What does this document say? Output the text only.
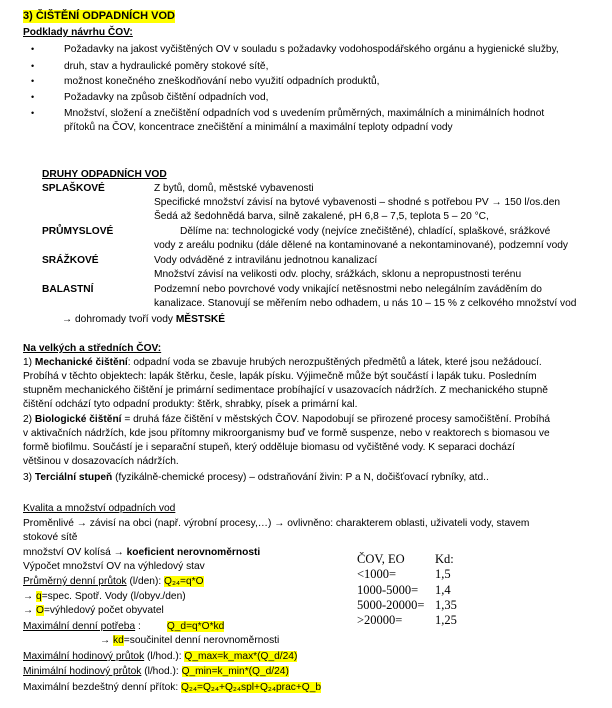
3) ČIŠTĚNÍ ODPADNÍCH VOD
Podklady návrhu ČOV:
•	Požadavky na jakost vyčištěných OV v souladu s požadavky vodohospodářského orgánu a hygienické služby,
•	druh, stav a hydraulické poměry stokové sítě,
•	možnost konečného zneškodňování nebo využití odpadních produktů,
•	Požadavky na způsob čištění odpadních vod,
•	Množství, složení a znečištění odpadních vod s uvedením průměrných, maximálních a minimálních hodnot
přítoků na ČOV, koncentrace znečištění a minimální a maximální teploty odpadní vody
DRUHY ODPADNÍCH VOD
SPLAŠKOVÉ	Z bytů, domů, městské vybavenosti
Specifické množství závisí na bytové vybavenosti – shodné s potřebou PV → 150 l/os.den
Šedá až šedohnědá barva, silně zakalené, pH 6,8 – 7,5, teplota 5 – 20 °C,
PRŮMYSLOVÉ	Dělíme na: technologické vody (nejvíce znečištěné), chladící, splaškové, srážkové
vody z areálu podniku (dále dělené na kontaminované a nekontaminované), podzemní vody
SRÁŽKOVÉ	Vody odváděné z intravilánu jednotnou kanalizací
Množství závisí na velikosti odv. plochy, srážkách, sklonu a nepropustnosti terénu
BALASTNÍ	Podzemní nebo povrchové vody vnikající netěsnostmi nebo nelegálním zaváděním do
kanalizace. Stanovují se měřením nebo odhadem, u nás 10 – 15 % z celkového množství vod
→ dohromady tvoří vody MĚSTSKÉ
Na velkých a středních ČOV:
1) Mechanické čištění: odpadní voda se zbavuje hrubých nerozpuštěných předmětů a látek, které jsou nežádoucí.
Probíhá v těchto objektech: lapák štěrku, česle, lapák písku. Výjimečně může být součástí i lapák tuku. Posledním
stupněm mechanického čištění je primární sedimentace probíhající v usazovacích nádržích. Z mechanického stupně
čištění odchází tyto odpadní produkty: štěrk, shrabky, písek a primární kal.
2) Biologické čištění = druhá fáze čištění v městských ČOV. Napodobují se přirozené procesy samočištění. Probíhá
v aktivačních nádržích, kde jsou přítomny mikroorganismy buď ve formě suspenze, nebo v reaktorech s biomasou ve
formě biofilmu. Součástí je i separační stupeň, který odděluje biomasu od vyčištěné vody. K separaci dochází
většinou v dosazovacích nádržích.
3) Terciální stupeň (fyzikálně-chemické procesy) – odstraňování živin: P a N, dočišťovací rybníky, atd..
Kvalita a množství odpadních vod
Proměnlivé → závisí na obci (např. výrobní procesy,…) → ovlivněno: charakterem oblasti, uživateli vody, stavem
stokové sítě
množství OV kolísá → koeficient nerovnoměrnosti
Výpočet množství OV na výhledový stav
Průměrný denní průtok (l/den): Q₂₄=q*O
→ q=spec. Spotř. Vody (l/obyv./den)
→ O=výhledový počet obyvatel
Maximální denní potřeba :	Q_d=q*O*kd
→ kd=součinitel denní nerovnoměrnosti
Maximální hodinový průtok (l/hod.): Q_max=k_max*(Q_d/24)
Minimální hodinový průtok (l/hod.): Q_min=k_min*(Q_d/24)
Maximální bezdeštný denní přítok: Q₂₄=Q₂₄+Q₂₄spl+Q₂₄prac+Q_b
ČOV, EO Kd:
<1000=	1,5
1000-5000= 1,4
5000-20000= 1,35
>20000=	1,25
